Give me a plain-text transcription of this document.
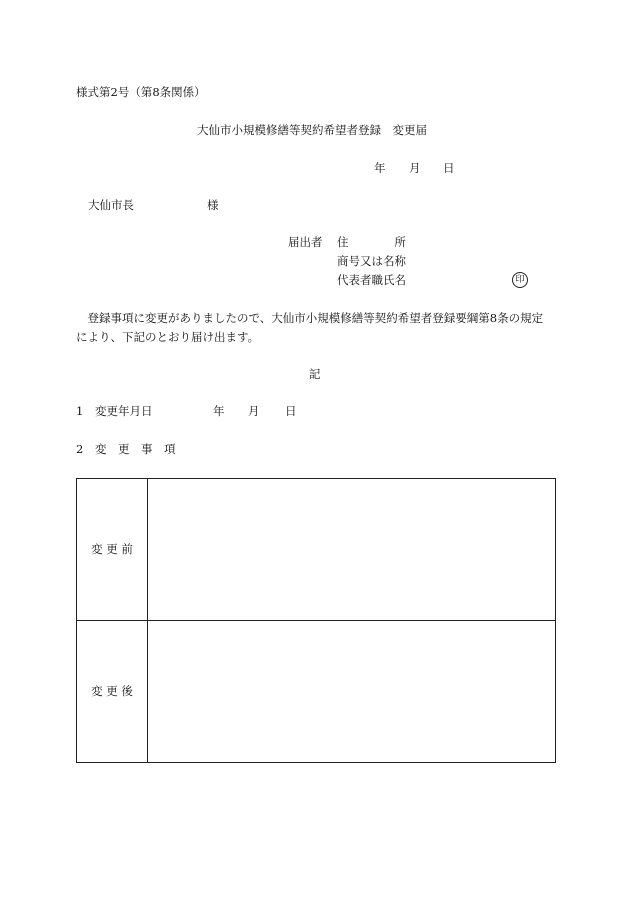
様式第2号（第8条関係）
大仙市小規模修繕等契約希望者登録　変更届
年 月 日
大仙市長	様
届出者 住　　　　所
商号又は名称
代表者職氏名	印
　登録事項に変更がありましたので、大仙市小規模修繕等契約希望者登録要綱第8条の規定
により、下記のとおり届け出ます。
記
1 変更年月日	年 月 日
2 変　更　事　項
変 更 前	
変 更 後	
